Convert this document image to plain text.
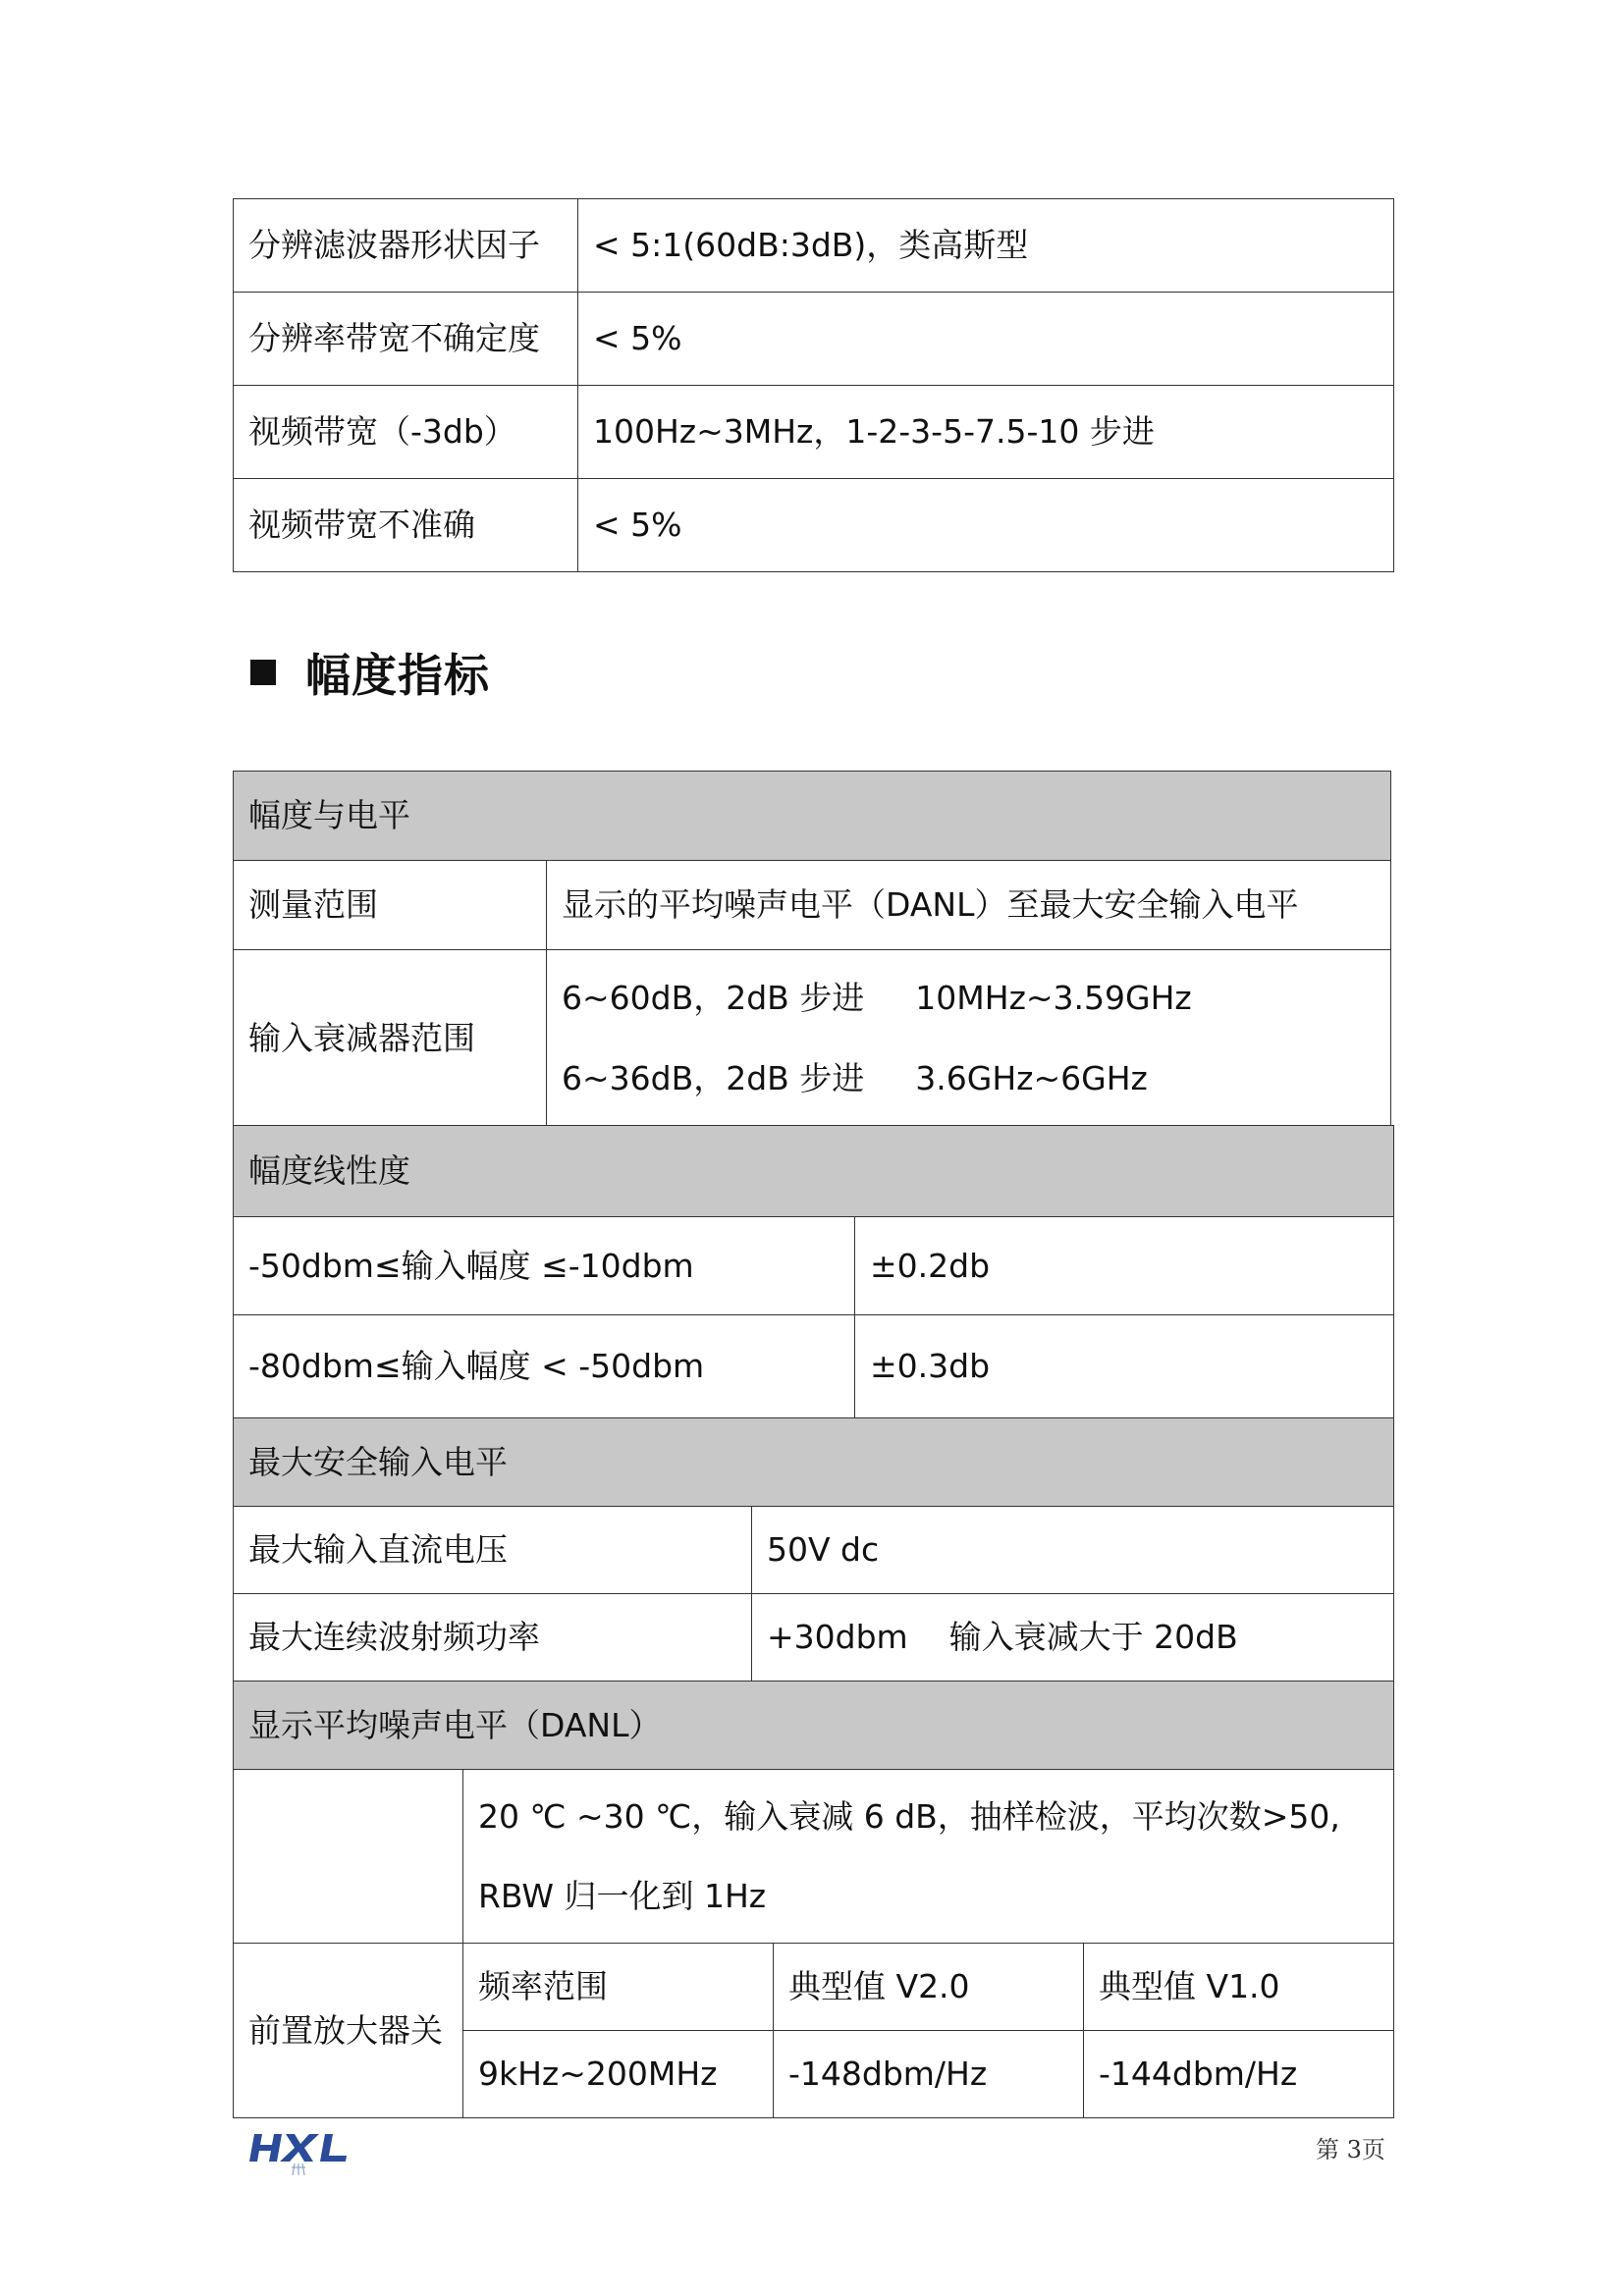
分辨滤波器形状因子	< 5:1(60dB:3dB)，类高斯型
分辨率带宽不确定度	< 5%
视频带宽（-3db）	100Hz~3MHz，1-2-3-5-7.5-10 步进
视频带宽不准确	< 5%
幅度指标
幅度与电平	
测量范围	显示的平均噪声电平（DANL）至最大安全输入电平
输入衰减器范围	6~60dB，2dB 步进 10MHz~3.59GHz
6~36dB，2dB 步进 3.6GHz~6GHz
幅度线性度	
-50dbm≤输入幅度 ≤-10dbm	±0.2db
-80dbm≤输入幅度 < -50dbm	±0.3db
最大安全输入电平	
最大输入直流电压	50V dc
最大连续波射频功率	+30dbm    输入衰减大于 20dB
显示平均噪声电平（DANL）			

	20 ℃ ~30 ℃，输入衰减 6 dB，抽样检波，平均次数>50,
RBW 归一化到 1Hz		

前置放大器关	频率范围	典型值 V2.0	典型值 V1.0
	9kHz~200MHz	-148dbm/Hz	-144dbm/Hz
第 3页
